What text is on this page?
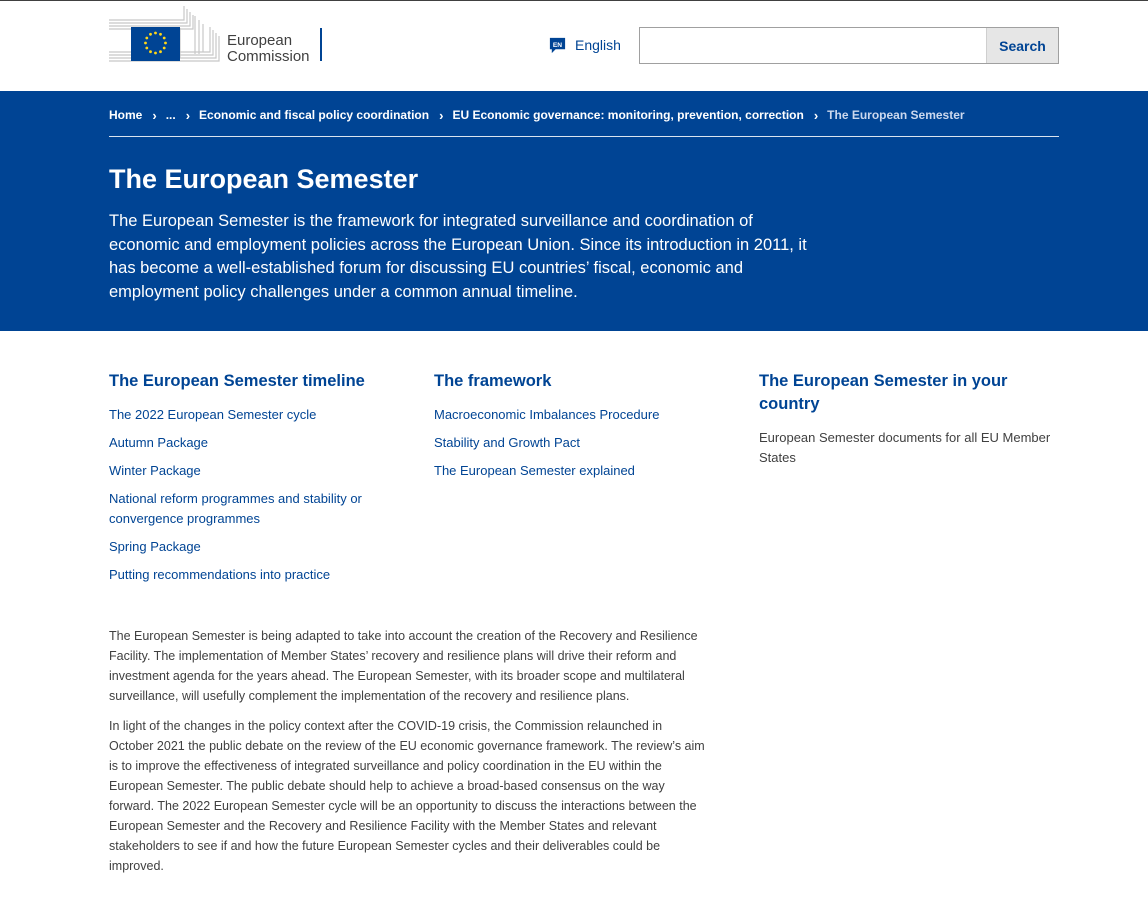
European
Commission
EN English	Search
Home › ... › Economic and fiscal policy coordination › EU Economic governance: monitoring, prevention, correction › The European Semester
The European Semester

The European Semester is the framework for integrated surveillance and coordination of economic and employment policies across the European Union. Since its introduction in 2011, it has become a well-established forum for discussing EU countries’ fiscal, economic and employment policy challenges under a common annual timeline.

The European Semester timeline
The 2022 European Semester cycle
Autumn Package
Winter Package
National reform programmes and stability or convergence programmes
Spring Package
Putting recommendations into practice
The framework
Macroeconomic Imbalances Procedure
Stability and Growth Pact
The European Semester explained
The European Semester in your country
European Semester documents for all EU Member States

The European Semester is being adapted to take into account the creation of the Recovery and Resilience Facility. The implementation of Member States’ recovery and resilience plans will drive their reform and investment agenda for the years ahead. The European Semester, with its broader scope and multilateral surveillance, will usefully complement the implementation of the recovery and resilience plans.

In light of the changes in the policy context after the COVID-19 crisis, the Commission relaunched in October 2021 the public debate on the review of the EU economic governance framework. The review’s aim is to improve the effectiveness of integrated surveillance and policy coordination in the EU within the European Semester. The public debate should help to achieve a broad-based consensus on the way forward. The 2022 European Semester cycle will be an opportunity to discuss the interactions between the European Semester and the Recovery and Resilience Facility with the Member States and relevant stakeholders to see if and how the future European Semester cycles and their deliverables could be improved.
